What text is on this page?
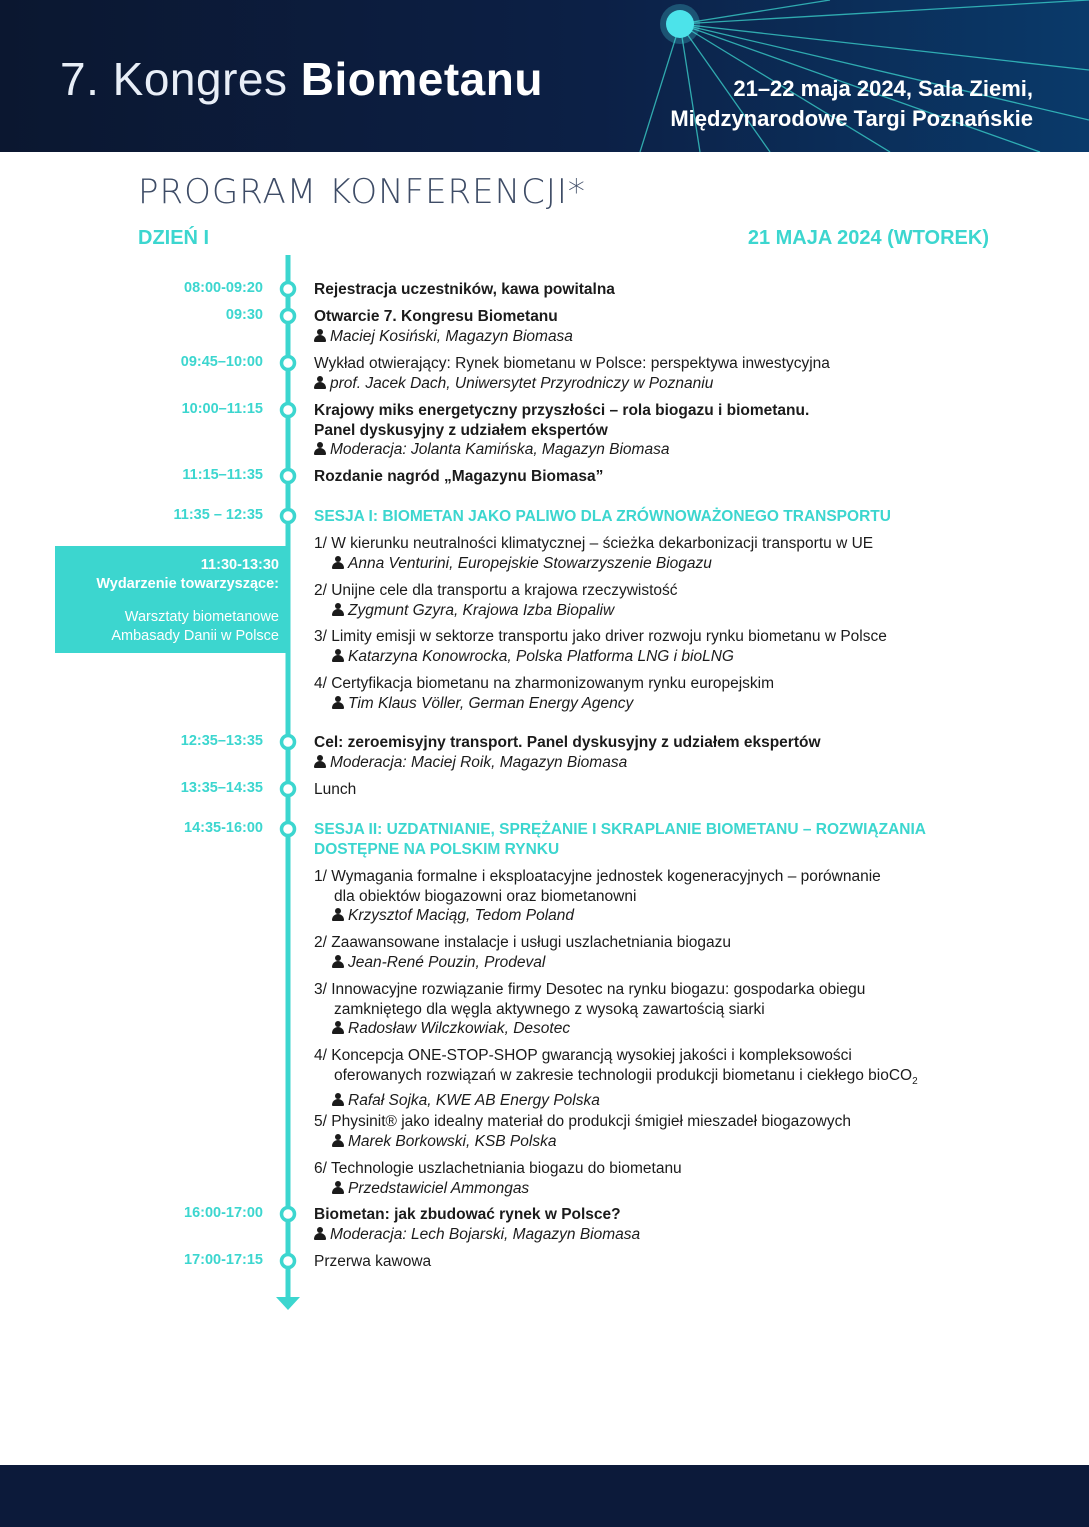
7. Kongres Biometanu	21–22 maja 2024, Sala Ziemi,
Międzynarodowe Targi Poznańskie
PROGRAM KONFERENCJI*
DZIEŃ I	21 MAJA 2024 (WTOREK)
11:30-13:30
Wydarzenie towarzyszące:
Warsztaty biometanowe
Ambasady Danii w Polsce
08:00-09:20
09:30
09:45–10:00
10:00–11:15
11:15–11:35
11:35 – 12:35
12:35–13:35
13:35–14:35
14:35-16:00
16:00-17:00
17:00-17:15
Rejestracja uczestników, kawa powitalna
Otwarcie 7. Kongresu Biometanu
Maciej Kosiński, Magazyn Biomasa
Wykład otwierający: Rynek biometanu w Polsce: perspektywa inwestycyjna
prof. Jacek Dach, Uniwersytet Przyrodniczy w Poznaniu
Krajowy miks energetyczny przyszłości – rola biogazu i biometanu.
Panel dyskusyjny z udziałem ekspertów
Moderacja: Jolanta Kamińska, Magazyn Biomasa
Rozdanie nagród „Magazynu Biomasa”
SESJA I: BIOMETAN JAKO PALIWO DLA ZRÓWNOWAŻONEGO TRANSPORTU
1/ W kierunku neutralności klimatycznej – ścieżka dekarbonizacji transportu w UE
Anna Venturini, Europejskie Stowarzyszenie Biogazu
2/ Unijne cele dla transportu a krajowa rzeczywistość
Zygmunt Gzyra, Krajowa Izba Biopaliw
3/ Limity emisji w sektorze transportu jako driver rozwoju rynku biometanu w Polsce
Katarzyna Konowrocka, Polska Platforma LNG i bioLNG
4/ Certyfikacja biometanu na zharmonizowanym rynku europejskim
Tim Klaus Völler, German Energy Agency
Cel: zeroemisyjny transport. Panel dyskusyjny z udziałem ekspertów
Moderacja: Maciej Roik, Magazyn Biomasa
Lunch
SESJA II: UZDATNIANIE, SPRĘŻANIE I SKRAPLANIE BIOMETANU – ROZWIĄZANIA
DOSTĘPNE NA POLSKIM RYNKU
1/ Wymagania formalne i eksploatacyjne jednostek kogeneracyjnych – porównanie
dla obiektów biogazowni oraz biometanowni
Krzysztof Maciąg, Tedom Poland
2/ Zaawansowane instalacje i usługi uszlachetniania biogazu
Jean-René Pouzin, Prodeval
3/ Innowacyjne rozwiązanie firmy Desotec na rynku biogazu: gospodarka obiegu
zamkniętego dla węgla aktywnego z wysoką zawartością siarki
Radosław Wilczkowiak, Desotec
4/ Koncepcja ONE-STOP-SHOP gwarancją wysokiej jakości i kompleksowości
oferowanych rozwiązań w zakresie technologii produkcji biometanu i ciekłego bioCO$_2$
Rafał Sojka, KWE AB Energy Polska
5/ Physinit® jako idealny materiał do produkcji śmigieł mieszadeł biogazowych
Marek Borkowski, KSB Polska
6/ Technologie uszlachetniania biogazu do biometanu
Przedstawiciel Ammongas
Biometan: jak zbudować rynek w Polsce?
Moderacja: Lech Bojarski, Magazyn Biomasa
Przerwa kawowa
